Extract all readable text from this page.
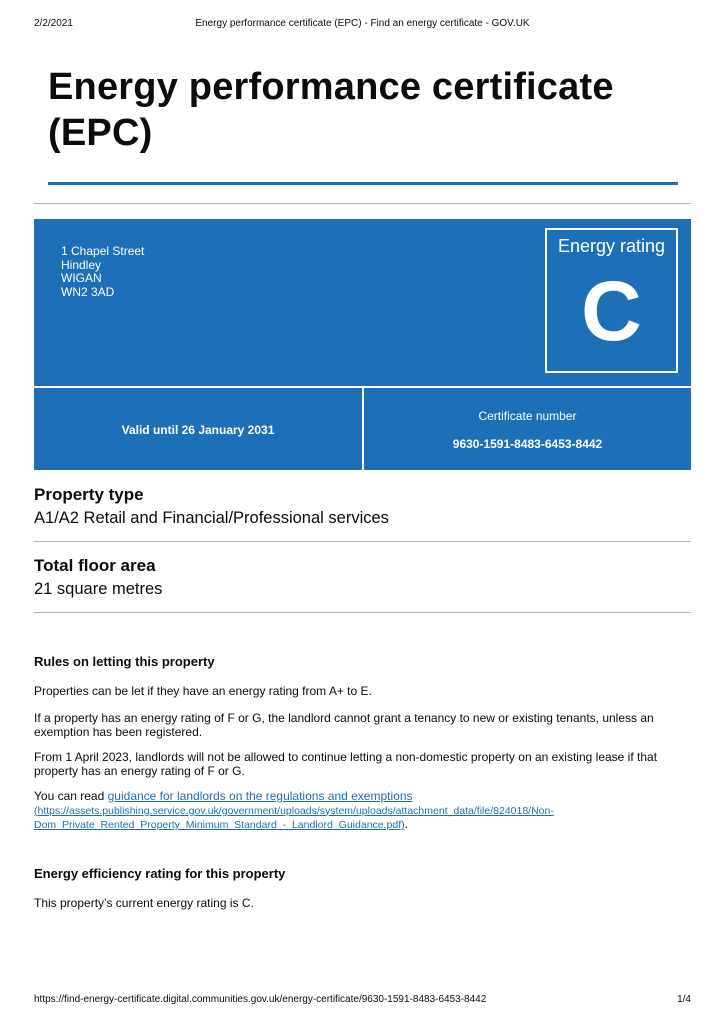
2/2/2021	Energy performance certificate (EPC) - Find an energy certificate - GOV.UK
Energy performance certificate (EPC)
1 Chapel Street
Hindley
WIGAN
WN2 3AD
Energy rating
C
Valid until 26 January 2031
Certificate number
9630-1591-8483-6453-8442
Property type
A1/A2 Retail and Financial/Professional services
Total floor area
21 square metres
Rules on letting this property

Properties can be let if they have an energy rating from A+ to E.

If a property has an energy rating of F or G, the landlord cannot grant a tenancy to new or existing tenants, unless an exemption has been registered.

From 1 April 2023, landlords will not be allowed to continue letting a non-domestic property on an existing lease if that property has an energy rating of F or G.

You can read guidance for landlords on the regulations and exemptions
(https://assets.publishing.service.gov.uk/government/uploads/system/uploads/attachment_data/file/824018/Non-Dom_Private_Rented_Property_Minimum_Standard_-_Landlord_Guidance.pdf).

Energy efficiency rating for this property

This property’s current energy rating is C.

https://find-energy-certificate.digital.communities.gov.uk/energy-certificate/9630-1591-8483-6453-8442	1/4
